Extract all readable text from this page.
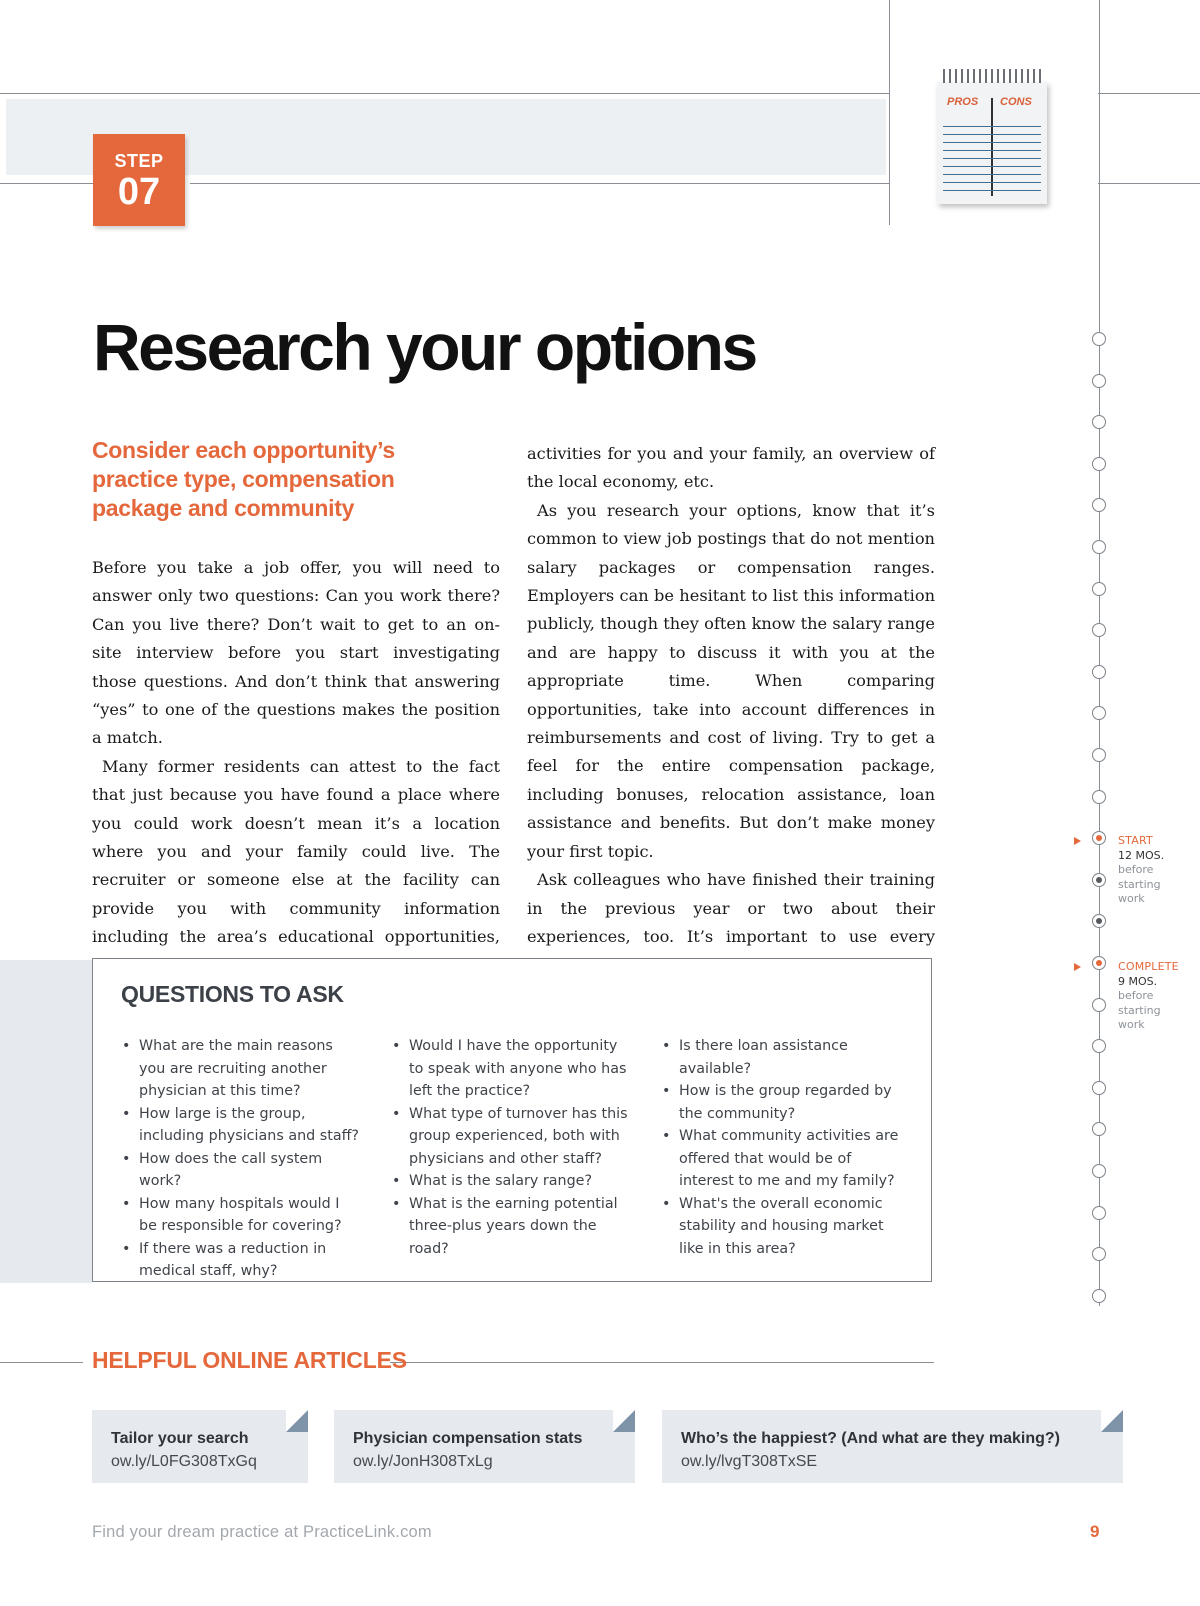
STEP
07
PROS CONS
Research your options

Consider each opportunity’s practice type, compensation package and community

Before you take a job offer, you will need to answer only two questions: Can you work there? Can you live there? Don’t wait to get to an on-site interview before you start investigating those questions. And don’t think that answering “yes” to one of the questions makes the position a match.

Many former residents can attest to the fact that just because you have found a place where you could work doesn’t mean it’s a location where you and your family could live. The recruiter or someone else at the facility can provide you with community information including the area’s educational opportunities,

activities for you and your family, an overview of the local economy, etc.

As you research your options, know that it’s common to view job postings that do not mention salary packages or compensation ranges. Employers can be hesitant to list this information publicly, though they often know the salary range and are happy to discuss it with you at the appropriate time. When comparing opportunities, take into account differences in reimbursements and cost of living. Try to get a feel for the entire compensation package, including bonuses, relocation assistance, loan assistance and benefits. But don’t make money your first topic.

Ask colleagues who have finished their training in the previous year or two about their experiences, too. It’s important to use every

START
12 MOS.
before
starting
work
COMPLETE
9 MOS.
before
starting
work
QUESTIONS TO ASK
• What are the main reasons you are recruiting another physician at this time?
• How large is the group, including physicians and staff?
• How does the call system work?
• How many hospitals would I be responsible for covering?
• If there was a reduction in medical staff, why?
• Would I have the opportunity to speak with anyone who has left the practice?
• What type of turnover has this group experienced, both with physicians and other staff?
• What is the salary range?
• What is the earning potential three-plus years down the road?
• Is there loan assistance available?
• How is the group regarded by the community?
• What community activities are offered that would be of interest to me and my family?
• What's the overall economic stability and housing market like in this area?
HELPFUL ONLINE ARTICLES
Tailor your search
ow.ly/L0FG308TxGq
Physician compensation stats
ow.ly/JonH308TxLg
Who’s the happiest? (And what are they making?)
ow.ly/lvgT308TxSE
Find your dream practice at PracticeLink.com	9
